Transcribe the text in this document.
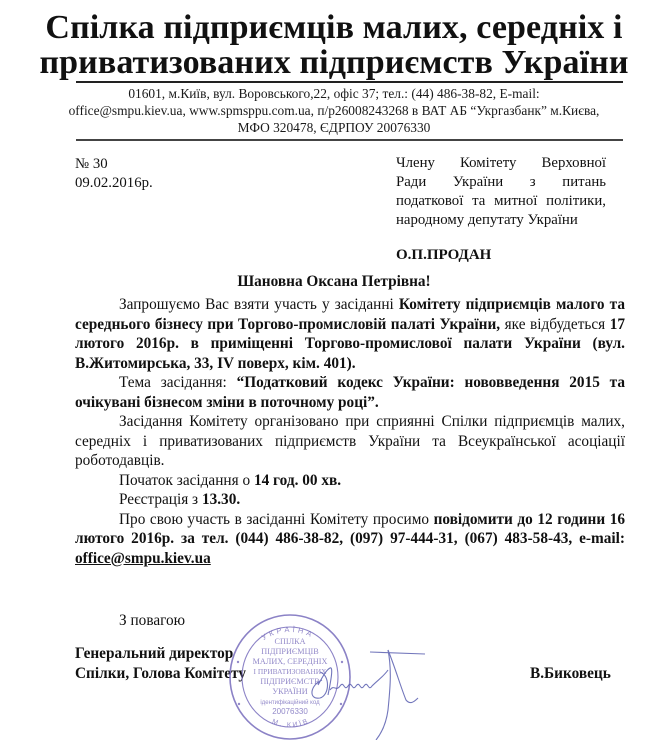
Спілка підприємців малих, середніх і
приватизованих підприємств України
01601, м.Київ, вул. Воровського,22, офіс 37; тел.: (44) 486-38-82, E-mail:
office@smpu.kiev.ua, www.spmsppu.com.ua, п/р26008243268 в ВАТ АБ “Укргазбанк” м.Києва,
МФО 320478, ЄДРПОУ 20076330
№ 30
09.02.2016р.
Члену Комітету Верховної
Ради України з питань
податкової та митної політики,
народному депутату України
О.П.ПРОДАН
Шановна Оксана Петрівна!

Запрошуємо Вас взяти участь у засіданні Комітету підприємців малого та середнього бізнесу при Торгово-промисловій палаті України, яке відбудеться 17 лютого 2016р. в приміщенні Торгово-промислової палати України (вул. В.Житомирська, 33, IV поверх, кім. 401).

Тема засідання: “Податковий кодекс України: нововведення 2015 та очікувані бізнесом зміни в поточному році”.

Засідання Комітету організовано при сприянні Спілки підприємців малих, середніх і приватизованих підприємств України та Всеукраїнської асоціації роботодавців.

Початок засідання о 14 год. 00 хв.

Реєстрація з 13.30.

Про свою участь в засіданні Комітету просимо повідомити до 12 години 16 лютого 2016р. за тел. (044) 486-38-82, (097) 97-444-31, (067) 483-58-43, e-mail: office@smpu.kiev.ua

З повагою
Генеральний директор
Спілки, Голова Комітету
УКРАЇНА
М. КИЇВ
СПІЛКА
ПІДПРИЄМЦІВ
МАЛИХ, СЕРЕДНІХ
І ПРИВАТИЗОВАНИХ
ПІДПРИЄМСТВ
УКРАЇНИ
ідентифікаційний код
20076330
В.Биковець
